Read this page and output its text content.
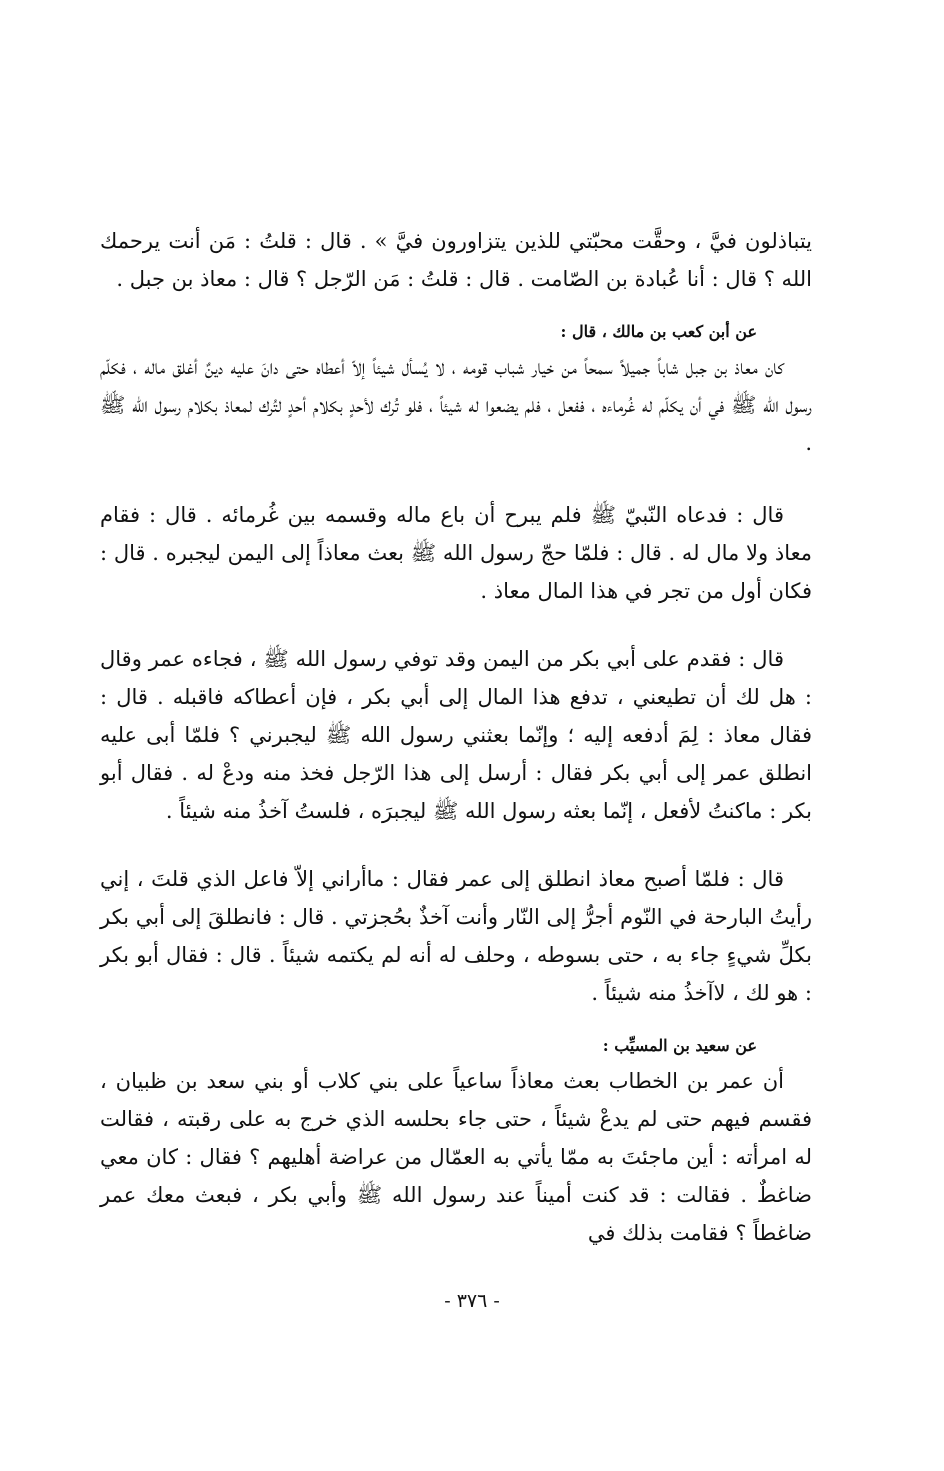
يتباذلون فيَّ ، وحقَّت محبّتي للذين يتزاورون فيَّ » . قال : قلتُ : مَن أنت يرحمك الله ؟ قال : أنا عُبادة بن الصّامت . قال : قلتُ : مَن الرّجل ؟ قال : معاذ بن جبل .

عن أبن كعب بن مالك ، قال :

كان معاذ بن جبل شاباً جميلاً سمحاً من خيار شباب قومه ، لا يُسأل شيئاً إلاّ أعطاه حتى دانَ عليه دينٌ أغلق ماله ، فكلّم رسول الله ﷺ في أن يكلّم له غُرماءه ، ففعل ، فلم يضعوا له شيئاً ، فلو تُرك لأحدٍ بكلام أحدٍ لتُرك لمعاذ بكلام رسول الله ﷺ .

قال : فدعاه النّبيّ ﷺ فلم يبرح أن باع ماله وقسمه بين غُرمائه . قال : فقام معاذ ولا مال له . قال : فلمّا حجّ رسول الله ﷺ بعث معاذاً إلى اليمن ليجبره . قال : فكان أول من تجر في هذا المال معاذ .

قال : فقدم على أبي بكر من اليمن وقد توفي رسول الله ﷺ ، فجاءه عمر وقال : هل لك أن تطيعني ، تدفع هذا المال إلى أبي بكر ، فإن أعطاكه فاقبله . قال : فقال معاذ : لِمَ أدفعه إليه ؛ وإنّما بعثني رسول الله ﷺ ليجبرني ؟ فلمّا أبى عليه انطلق عمر إلى أبي بكر فقال : أرسل إلى هذا الرّجل فخذ منه ودعْ له . فقال أبو بكر : ماكنتُ لأفعل ، إنّما بعثه رسول الله ﷺ ليجبرَه ، فلستُ آخذُ منه شيئاً .

قال : فلمّا أصبح معاذ انطلق إلى عمر فقال : ماأراني إلاّ فاعل الذي قلتَ ، إني رأيتُ البارحة في النّوم أجرُّ إلى النّار وأنت آخذٌ بحُجزتي . قال : فانطلقَ إلى أبي بكر بكلِّ شيءٍ جاء به ، حتى بسوطه ، وحلف له أنه لم يكتمه شيئاً . قال : فقال أبو بكر : هو لك ، لاآخذُ منه شيئاً .

عن سعيد بن المسيِّب :

أن عمر بن الخطاب بعث معاذاً ساعياً على بني كلاب أو بني سعد بن ظبيان ، فقسم فيهم حتى لم يدعْ شيئاً ، حتى جاء بحلسه الذي خرج به على رقبته ، فقالت له امرأته : أين ماجئتَ به ممّا يأتي به العمّال من عراضة أهليهم ؟ فقال : كان معي ضاغطٌ . فقالت : قد كنت أميناً عند رسول الله ﷺ وأبي بكر ، فبعث معك عمر ضاغطاً ؟ فقامت بذلك في

- ٣٧٦ -
